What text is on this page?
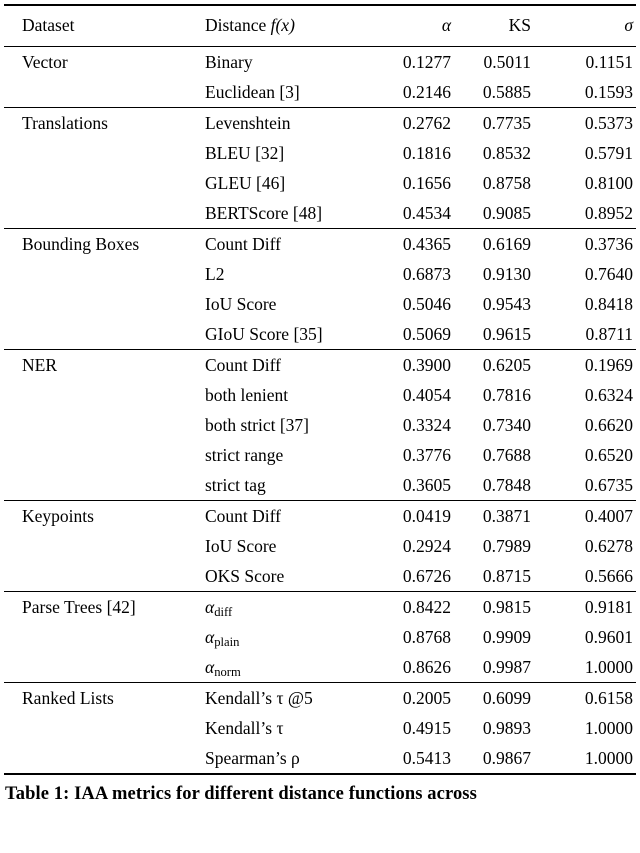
Dataset	Distance f(x)	α	KS	σ
Vector	Binary	0.1277	0.5011	0.1151
	Euclidean [3]	0.2146	0.5885	0.1593
Translations	Levenshtein	0.2762	0.7735	0.5373
	BLEU [32]	0.1816	0.8532	0.5791
	GLEU [46]	0.1656	0.8758	0.8100
	BERTScore [48]	0.4534	0.9085	0.8952
Bounding Boxes	Count Diff	0.4365	0.6169	0.3736
	L2	0.6873	0.9130	0.7640
	IoU Score	0.5046	0.9543	0.8418
	GIoU Score [35]	0.5069	0.9615	0.8711
NER	Count Diff	0.3900	0.6205	0.1969
	both lenient	0.4054	0.7816	0.6324
	both strict [37]	0.3324	0.7340	0.6620
	strict range	0.3776	0.7688	0.6520
	strict tag	0.3605	0.7848	0.6735
Keypoints	Count Diff	0.0419	0.3871	0.4007
	IoU Score	0.2924	0.7989	0.6278
	OKS Score	0.6726	0.8715	0.5666
Parse Trees [42]	$\alpha_{diff}$	0.8422	0.9815	0.9181
	$\alpha_{plain}$	0.8768	0.9909	0.9601
	$\alpha_{norm}$	0.8626	0.9987	1.0000
Ranked Lists	Kendall’s τ @5	0.2005	0.6099	0.6158
	Kendall’s τ	0.4915	0.9893	1.0000
	Spearman’s ρ	0.5413	0.9867	1.0000
Table 1: IAA metrics for different distance functions across
